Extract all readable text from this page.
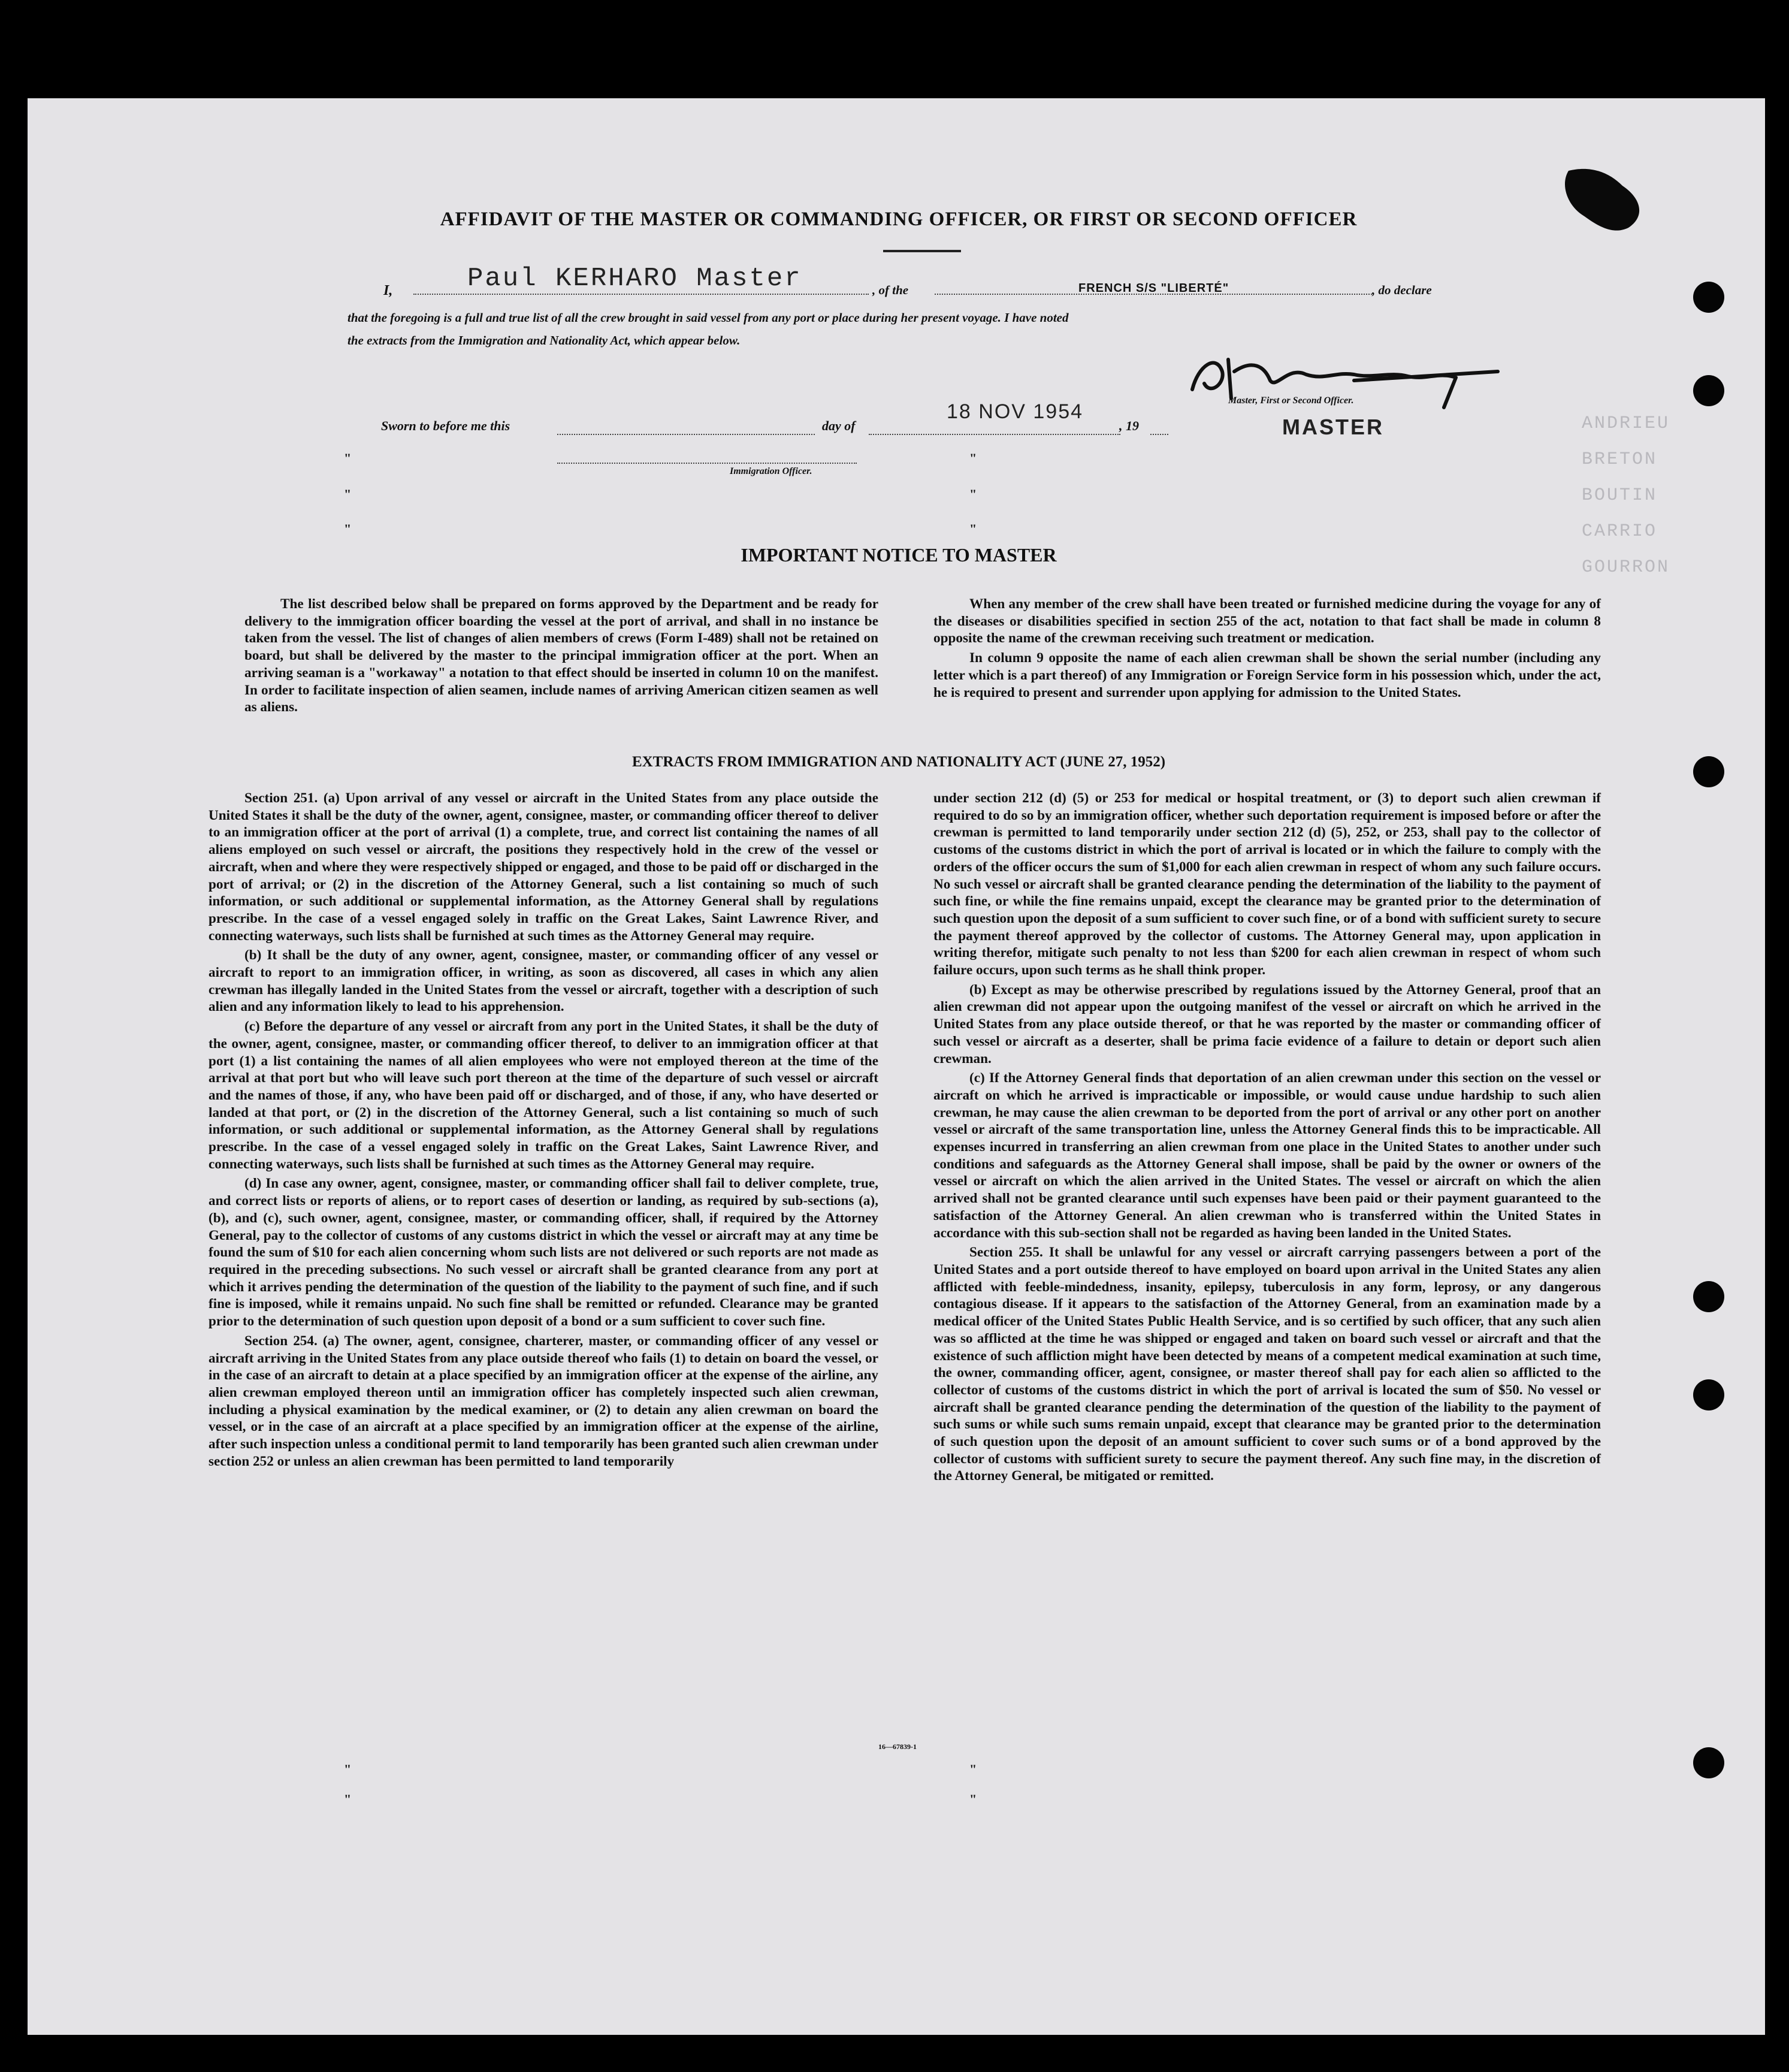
ANDRIEU
BRETON
BOUTIN
CARRIO
GOURRON
AFFIDAVIT OF THE MASTER OR COMMANDING OFFICER, OR FIRST OR SECOND OFFICER
I,	Paul KERHARO Master	, of the	FRENCH S/S "LIBERTÉ"	, do declare
that the foregoing is a full and true list of all the crew brought in said vessel from any port or place during her present voyage. I have noted
the extracts from the Immigration and Nationality Act, which appear below.
Master, First or Second Officer.
MASTER
Sworn to before me this	day of
18 NOV 1954
, 19
Immigration Officer.
"
"
"
"
"
"
"
"
"
"
IMPORTANT NOTICE TO MASTER

The list described below shall be prepared on forms approved by the Department and be ready for delivery to the immigration officer boarding the vessel at the port of arrival, and shall in no instance be taken from the vessel. The list of changes of alien members of crews (Form I-489) shall not be retained on board, but shall be delivered by the master to the principal immigration officer at the port. When an arriving seaman is a "workaway" a notation to that effect should be inserted in column 10 on the manifest. In order to facilitate inspection of alien seamen, include names of arriving American citizen seamen as well as aliens.

When any member of the crew shall have been treated or furnished medicine during the voyage for any of the diseases or disabilities specified in section 255 of the act, notation to that fact shall be made in column 8 opposite the name of the crewman receiving such treatment or medication.

In column 9 opposite the name of each alien crewman shall be shown the serial number (including any letter which is a part thereof) of any Immigration or Foreign Service form in his possession which, under the act, he is required to present and surrender upon applying for admission to the United States.

EXTRACTS FROM IMMIGRATION AND NATIONALITY ACT (JUNE 27, 1952)

Section 251. (a) Upon arrival of any vessel or aircraft in the United States from any place outside the United States it shall be the duty of the owner, agent, consignee, master, or commanding officer thereof to deliver to an immigration officer at the port of arrival (1) a complete, true, and correct list containing the names of all aliens employed on such vessel or aircraft, the positions they respectively hold in the crew of the vessel or aircraft, when and where they were respectively shipped or engaged, and those to be paid off or discharged in the port of arrival; or (2) in the discretion of the Attorney General, such a list containing so much of such information, or such additional or supplemental information, as the Attorney General shall by regulations prescribe. In the case of a vessel engaged solely in traffic on the Great Lakes, Saint Lawrence River, and connecting waterways, such lists shall be furnished at such times as the Attorney General may require.

(b) It shall be the duty of any owner, agent, consignee, master, or commanding officer of any vessel or aircraft to report to an immigration officer, in writing, as soon as discovered, all cases in which any alien crewman has illegally landed in the United States from the vessel or aircraft, together with a description of such alien and any information likely to lead to his apprehension.

(c) Before the departure of any vessel or aircraft from any port in the United States, it shall be the duty of the owner, agent, consignee, master, or commanding officer thereof, to deliver to an immigration officer at that port (1) a list containing the names of all alien employees who were not employed thereon at the time of the arrival at that port but who will leave such port thereon at the time of the departure of such vessel or aircraft and the names of those, if any, who have been paid off or discharged, and of those, if any, who have deserted or landed at that port, or (2) in the discretion of the Attorney General, such a list containing so much of such information, or such additional or supplemental information, as the Attorney General shall by regulations prescribe. In the case of a vessel engaged solely in traffic on the Great Lakes, Saint Lawrence River, and connecting waterways, such lists shall be furnished at such times as the Attorney General may require.

(d) In case any owner, agent, consignee, master, or commanding officer shall fail to deliver complete, true, and correct lists or reports of aliens, or to report cases of desertion or landing, as required by sub-sections (a), (b), and (c), such owner, agent, consignee, master, or commanding officer, shall, if required by the Attorney General, pay to the collector of customs of any customs district in which the vessel or aircraft may at any time be found the sum of $10 for each alien concerning whom such lists are not delivered or such reports are not made as required in the preceding subsections. No such vessel or aircraft shall be granted clearance from any port at which it arrives pending the determination of the question of the liability to the payment of such fine, and if such fine is imposed, while it remains unpaid. No such fine shall be remitted or refunded. Clearance may be granted prior to the determination of such question upon deposit of a bond or a sum sufficient to cover such fine.

Section 254. (a) The owner, agent, consignee, charterer, master, or commanding officer of any vessel or aircraft arriving in the United States from any place outside thereof who fails (1) to detain on board the vessel, or in the case of an aircraft to detain at a place specified by an immigration officer at the expense of the airline, any alien crewman employed thereon until an immigration officer has completely inspected such alien crewman, including a physical examination by the medical examiner, or (2) to detain any alien crewman on board the vessel, or in the case of an aircraft at a place specified by an immigration officer at the expense of the airline, after such inspection unless a conditional permit to land temporarily has been granted such alien crewman under section 252 or unless an alien crewman has been permitted to land temporarily

under section 212 (d) (5) or 253 for medical or hospital treatment, or (3) to deport such alien crewman if required to do so by an immigration officer, whether such deportation requirement is imposed before or after the crewman is permitted to land temporarily under section 212 (d) (5), 252, or 253, shall pay to the collector of customs of the customs district in which the port of arrival is located or in which the failure to comply with the orders of the officer occurs the sum of $1,000 for each alien crewman in respect of whom any such failure occurs. No such vessel or aircraft shall be granted clearance pending the determination of the liability to the payment of such fine, or while the fine remains unpaid, except the clearance may be granted prior to the determination of such question upon the deposit of a sum sufficient to cover such fine, or of a bond with sufficient surety to secure the payment thereof approved by the collector of customs. The Attorney General may, upon application in writing therefor, mitigate such penalty to not less than $200 for each alien crewman in respect of whom such failure occurs, upon such terms as he shall think proper.

(b) Except as may be otherwise prescribed by regulations issued by the Attorney General, proof that an alien crewman did not appear upon the outgoing manifest of the vessel or aircraft on which he arrived in the United States from any place outside thereof, or that he was reported by the master or commanding officer of such vessel or aircraft as a deserter, shall be prima facie evidence of a failure to detain or deport such alien crewman.

(c) If the Attorney General finds that deportation of an alien crewman under this section on the vessel or aircraft on which he arrived is impracticable or impossible, or would cause undue hardship to such alien crewman, he may cause the alien crewman to be deported from the port of arrival or any other port on another vessel or aircraft of the same transportation line, unless the Attorney General finds this to be impracticable. All expenses incurred in transferring an alien crewman from one place in the United States to another under such conditions and safeguards as the Attorney General shall impose, shall be paid by the owner or owners of the vessel or aircraft on which the alien arrived in the United States. The vessel or aircraft on which the alien arrived shall not be granted clearance until such expenses have been paid or their payment guaranteed to the satisfaction of the Attorney General. An alien crewman who is transferred within the United States in accordance with this sub-section shall not be regarded as having been landed in the United States.

Section 255. It shall be unlawful for any vessel or aircraft carrying passengers between a port of the United States and a port outside thereof to have employed on board upon arrival in the United States any alien afflicted with feeble-mindedness, insanity, epilepsy, tuberculosis in any form, leprosy, or any dangerous contagious disease. If it appears to the satisfaction of the Attorney General, from an examination made by a medical officer of the United States Public Health Service, and is so certified by such officer, that any such alien was so afflicted at the time he was shipped or engaged and taken on board such vessel or aircraft and that the existence of such affliction might have been detected by means of a competent medical examination at such time, the owner, commanding officer, agent, consignee, or master thereof shall pay for each alien so afflicted to the collector of customs of the customs district in which the port of arrival is located the sum of $50. No vessel or aircraft shall be granted clearance pending the determination of the question of the liability to the payment of such sums or while such sums remain unpaid, except that clearance may be granted prior to the determination of such question upon the deposit of an amount sufficient to cover such sums or of a bond approved by the collector of customs with sufficient surety to secure the payment thereof. Any such fine may, in the discretion of the Attorney General, be mitigated or remitted.

16—67839-1
